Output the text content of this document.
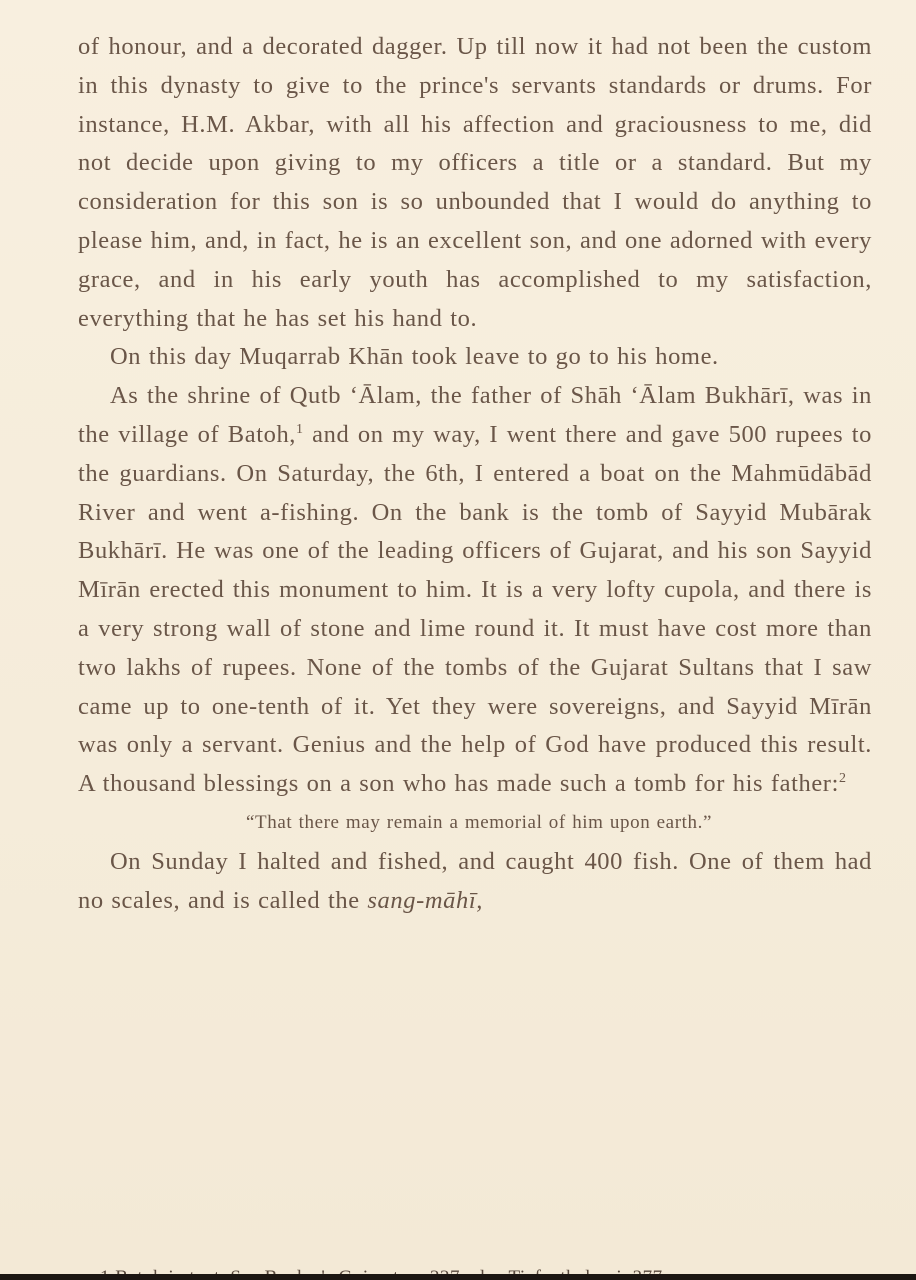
of honour, and a decorated dagger. Up till now it had not been the custom in this dynasty to give to the prince's servants standards or drums. For instance, H.M. Akbar, with all his affection and graciousness to me, did not decide upon giving to my officers a title or a standard. But my consideration for this son is so unbounded that I would do anything to please him, and, in fact, he is an excellent son, and one adorned with every grace, and in his early youth has accomplished to my satisfaction, everything that he has set his hand to.

On this day Muqarrab Khān took leave to go to his home.

As the shrine of Qutb ʻĀlam, the father of Shāh ʻĀlam Bukhārī, was in the village of Batoh,$^1$ and on my way, I went there and gave 500 rupees to the guardians. On Saturday, the 6th, I entered a boat on the Mahmūdābād River and went a-fishing. On the bank is the tomb of Sayyid Mubārak Bukhārī. He was one of the leading officers of Gujarat, and his son Sayyid Mīrān erected this monument to him. It is a very lofty cupola, and there is a very strong wall of stone and lime round it. It must have cost more than two lakhs of rupees. None of the tombs of the Gujarat Sultans that I saw came up to one-tenth of it. Yet they were sovereigns, and Sayyid Mīrān was only a servant. Genius and the help of God have produced this result. A thousand blessings on a son who has made such a tomb for his father:$^2$

“That there may remain a memorial of him upon earth.”

On Sunday I halted and fished, and caught 400 fish. One of them had no scales, and is called the sang-māhī,
